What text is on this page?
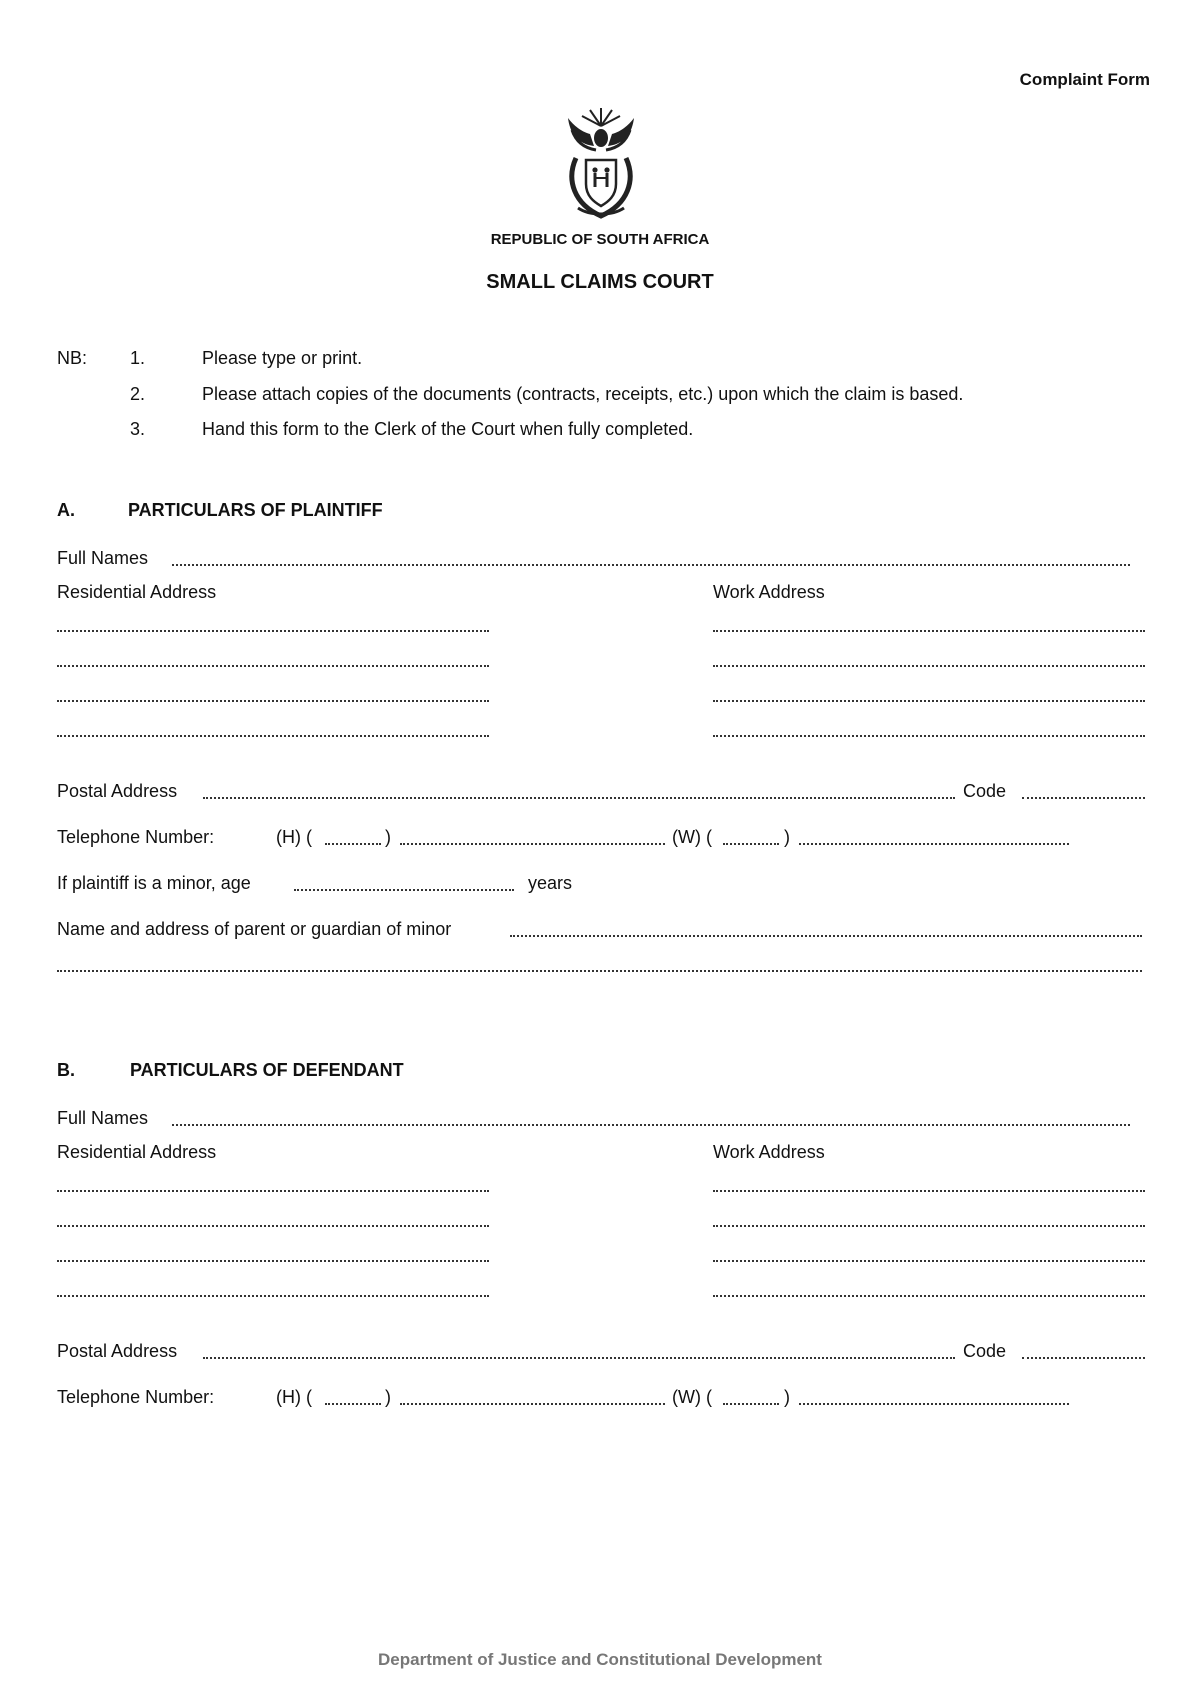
Complaint Form
REPUBLIC OF SOUTH AFRICA
SMALL CLAIMS COURT
NB: 1.	Please type or print.
2.	Please attach copies of the documents (contracts, receipts, etc.) upon which the claim is based.
3.	Hand this form to the Clerk of the Court when fully completed.
A.	PARTICULARS OF PLAINTIFF
Full Names
Residential Address	Work Address
Postal Address	Code
Telephone Number:	(H) (	)	(W) (	)
If plaintiff is a minor, age	years
Name and address of parent or guardian of minor
B.	PARTICULARS OF DEFENDANT
Full Names
Residential Address	Work Address
Postal Address	Code
Telephone Number:	(H) (	)	(W) (	)
Department of Justice and Constitutional Development
